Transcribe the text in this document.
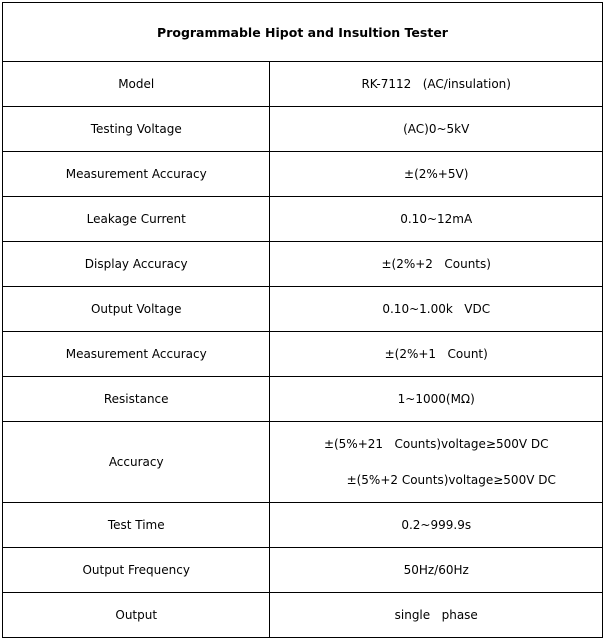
Programmable Hipot and Insultion Tester	
Model	RK-7112   (AC/insulation)
Testing Voltage	(AC)0~5kV
Measurement Accuracy	±(2%+5V)
Leakage Current	0.10~12mA
Display Accuracy	±(2%+2   Counts)
Output Voltage	0.10~1.00k   VDC
Measurement Accuracy	±(2%+1   Count)
Resistance	1~1000(MΩ)
Accuracy	±(5%+21   Counts)voltage≥500V DC
±(5%+2 Counts)voltage≥500V DC

Test Time	0.2~999.9s
Output Frequency	50Hz/60Hz
Output	single   phase
